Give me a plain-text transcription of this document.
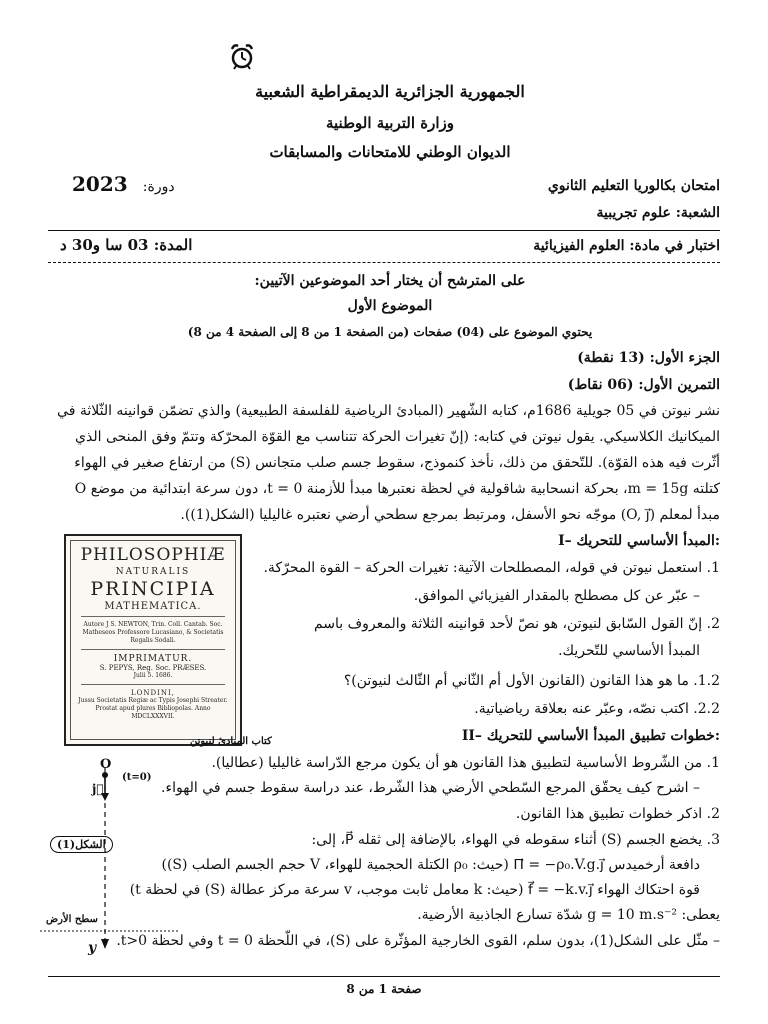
الجمهورية الجزائرية الديمقراطية الشعبية
وزارة التربية الوطنية
الديوان الوطني للامتحانات والمسابقات
امتحان بكالوريا التعليم الثانوي
2023 دورة:
الشعبة: علوم تجريبية
اختبار في مادة: العلوم الفيزيائية
المدة: 03 سا و30 د
على المترشح أن يختار أحد الموضوعين الآتيين:
الموضوع الأول
يحتوي الموضوع على (04) صفحات (من الصفحة 1 من 8 إلى الصفحة 4 من 8)
الجزء الأول: (13 نقطة)
التمرين الأول: (06 نقاط)
نشر نيوتن في 05 جويلية 1686م، كتابه الشّهير (المبادئ الرياضية للفلسفة الطبيعية) والذي تضمّن قوانينه الثّلاثة في
الميكانيك الكلاسيكي. يقول نيوتن في كتابه: (إنّ تغيرات الحركة تتناسب مع القوّة المحرّكة وتتمّ وفق المنحى الذي
أثّرت فيه هذه القوّة). للتّحقق من ذلك، نأخذ كنموذج، سقوط جسم صلب متجانس (S) من ارتفاع صغير في الهواء
كتلته m = 15g، بحركة انسحابية شاقولية في لحظة نعتبرها مبدأ للأزمنة t = 0، دون سرعة ابتدائية من موضع O
مبدأ لمعلم (O, j⃗) موجّه نحو الأسفل، ومرتبط بمرجع سطحي أرضي نعتبره غاليليا (الشكل(1)).
I– المبدأ الأساسي للتحريك:
1. استعمل نيوتن في قوله، المصطلحات الآتية: تغيرات الحركة – القوة المحرّكة.
– عبّر عن كل مصطلح بالمقدار الفيزيائي الموافق.
2. إنّ القول السّابق لنيوتن، هو نصّ لأحد قوانينه الثلاثة والمعروف باسم
المبدأ الأساسي للتّحريك.
1.2. ما هو هذا القانون (القانون الأول أم الثّاني أم الثّالث لنيوتن)؟
2.2. اكتب نصّه، وعبّر عنه بعلاقة رياضياتية.
PHILOSOPHIÆ
NATURALIS
PRINCIPIA
MATHEMATICA.
Autore J S. NEWTON, Trin. Coll. Cantab. Soc. Matheseos Professore Lucasiano, & Societatis Regalis Sodali.
IMPRIMATUR.
S. PEPYS, Reg. Soc. PRÆSES.
Julii 5. 1686.
LONDINI,
Jussu Societatis Regiæ ac Typis Josephi Streater. Prostat apud plures Bibliopolas. Anno MDCLXXXVII.
كتاب المبادئ لنيوتن	II– خطوات تطبيق المبدأ الأساسي للتحريك:
1. من الشّروط الأساسية لتطبيق هذا القانون هو أن يكون مرجع الدّراسة غاليليا (عطاليا).
– اشرح كيف يحقّق المرجع السّطحي الأرضي هذا الشّرط، عند دراسة سقوط جسم في الهواء.
2. اذكر خطوات تطبيق هذا القانون.
3. يخضع الجسم (S) أثناء سقوطه في الهواء، بالإضافة إلى ثقله P⃗، إلى:
دافعة أرخميدس Π⃗ = −ρ₀.V.g.j⃗ (حيث: ρ₀ الكتلة الحجمية للهواء، V حجم الجسم الصلب (S))
قوة احتكاك الهواء f⃗ = −k.v.j⃗ (حيث: k معامل ثابت موجب، v سرعة مركز عطالة (S) في لحظة t)
يعطى: g = 10 m.s⁻² شدّة تسارع الجاذبية الأرضية.
– مثّل على الشكل(1)، بدون سلم، القوى الخارجية المؤثّرة على (S)، في اللّحظة t = 0 وفي لحظة t>0.
O
j⃗
(t=0)
الشكل(1)
سطح الأرض
y
صفحة 1 من 8
